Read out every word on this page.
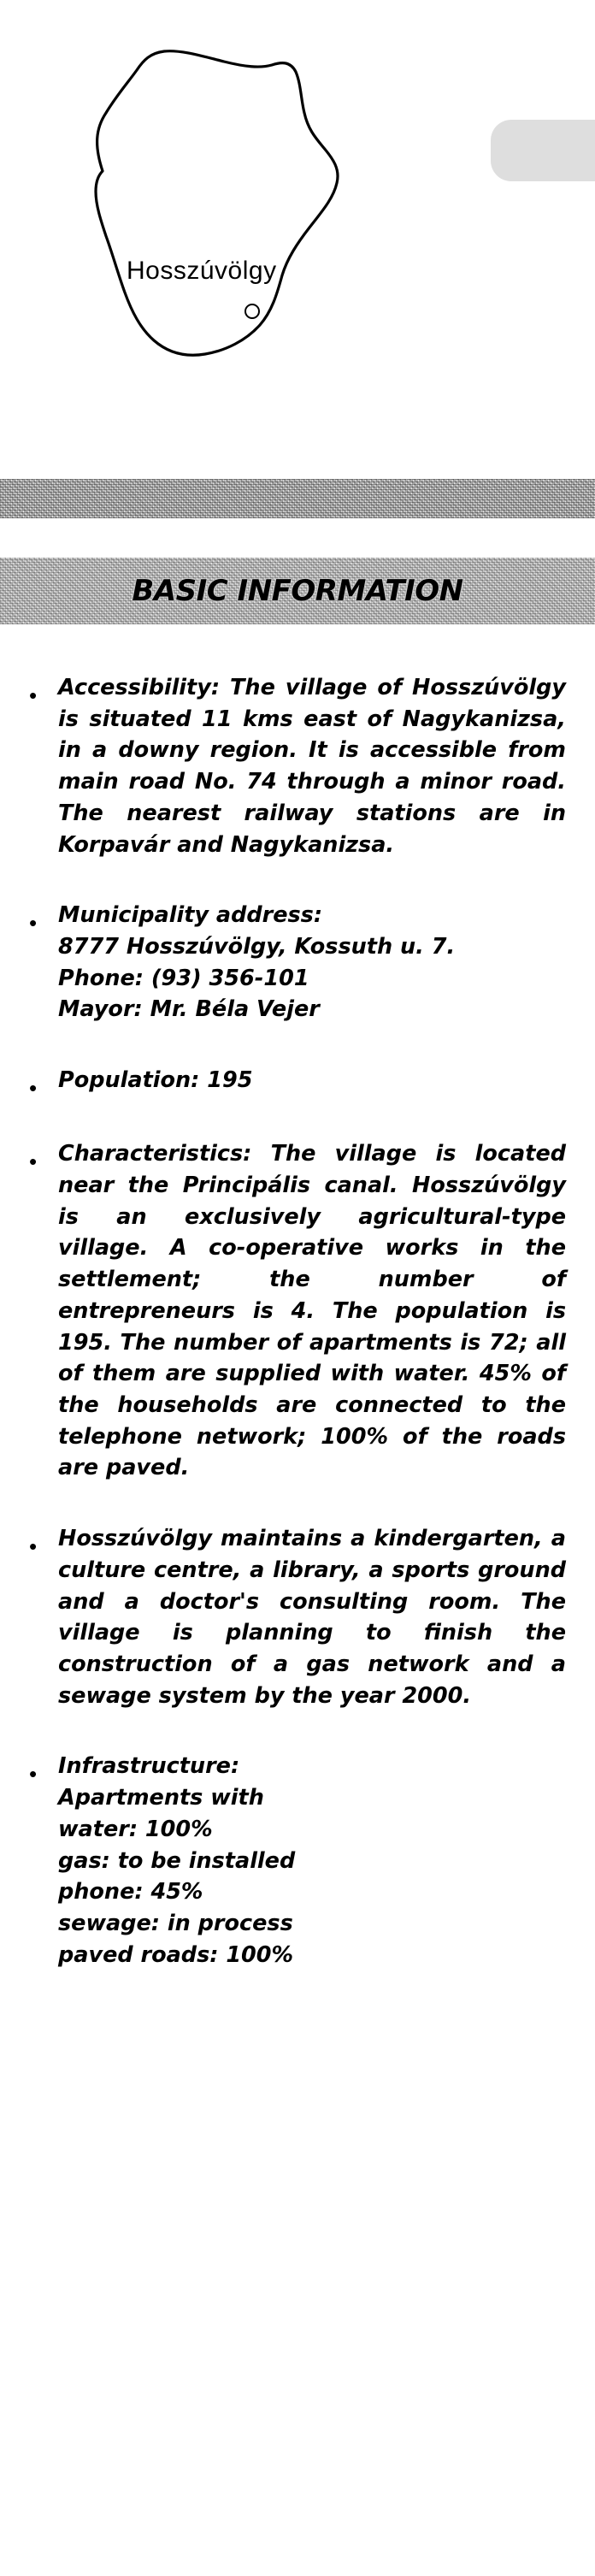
Hosszúvölgy
BASIC INFORMATION
• Accessibility: The village of Hosszúvölgy is situated 11 kms east of Nagykanizsa, in a downy region. It is accessible from main road No. 74 through a minor road. The nearest railway stations are in Korpavár and Nagykanizsa.
• Municipality address:
8777 Hosszúvölgy, Kossuth u. 7.
Phone: (93) 356-101
Mayor: Mr. Béla Vejer
• Population: 195
• Characteristics: The village is located near the Principális canal. Hosszúvölgy is an exclusively agricultural-type village. A co-operative works in the settlement; the number of entrepreneurs is 4. The population is 195. The number of apartments is 72; all of them are supplied with water. 45% of the households are connected to the telephone network; 100% of the roads are paved.
• Hosszúvölgy maintains a kindergarten, a culture centre, a library, a sports ground and a doctor's consulting room. The village is planning to finish the construction of a gas network and a sewage system by the year 2000.
• Infrastructure:
Apartments with
water: 100%
gas: to be installed
phone: 45%
sewage: in process
paved roads: 100%
